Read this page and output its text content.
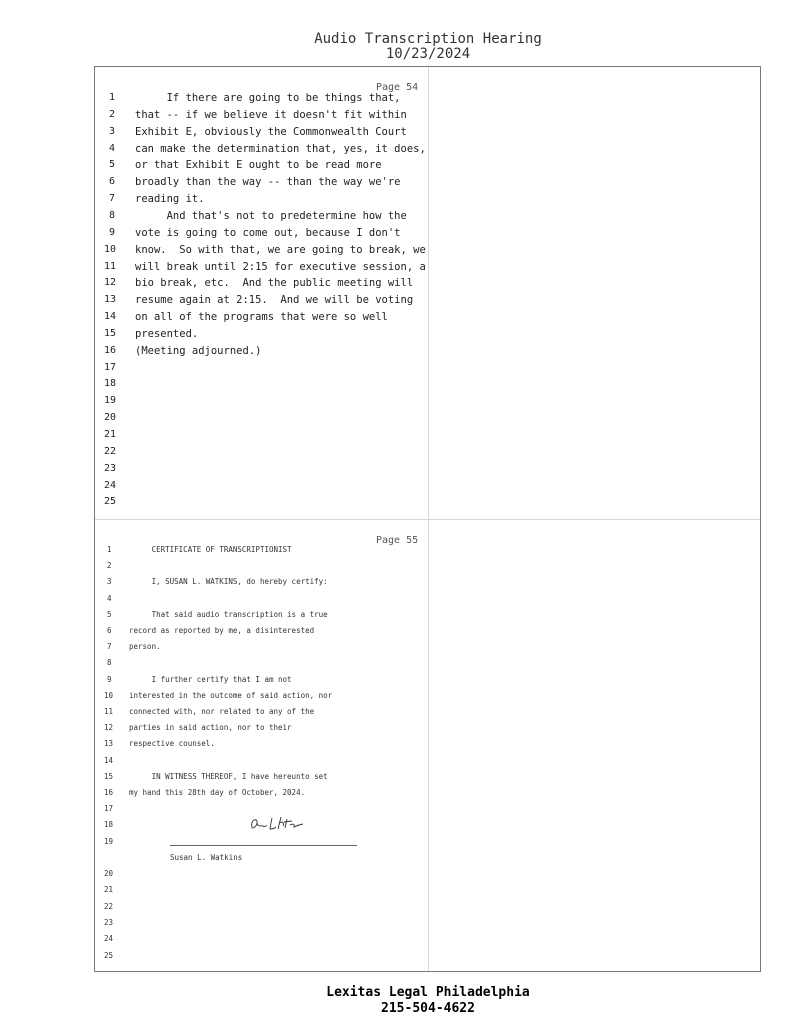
Audio Transcription Hearing
10/23/2024
Page 54
1 If there are going to be things that,
2 that -- if we believe it doesn't fit within
3 Exhibit E, obviously the Commonwealth Court
4 can make the determination that, yes, it does,
5 or that Exhibit E ought to be read more
6 broadly than the way -- than the way we're
7 reading it.
8 And that's not to predetermine how the
9 vote is going to come out, because I don't
10 know.  So with that, we are going to break, we
11 will break until 2:15 for executive session, a
12 bio break, etc.  And the public meeting will
13 resume again at 2:15.  And we will be voting
14 on all of the programs that were so well
15 presented.
16 (Meeting adjourned.)
17
18
19
20
21
22
23
24
25
Page 55
1 CERTIFICATE OF TRANSCRIPTIONIST
2
3 I, SUSAN L. WATKINS, do hereby certify:
4
5 That said audio transcription is a true
6 record as reported by me, a disinterested
7 person.
8
9 I further certify that I am not
10 interested in the outcome of said action, nor
11 connected with, nor related to any of the
12 parties in said action, nor to their
13 respective counsel.
14
15 IN WITNESS THEREOF, I have hereunto set
16 my hand this 28th day of October, 2024.
17
18
19
Susan L. Watkins
20
21
22
23
24
25
Lexitas Legal Philadelphia
215-504-4622
